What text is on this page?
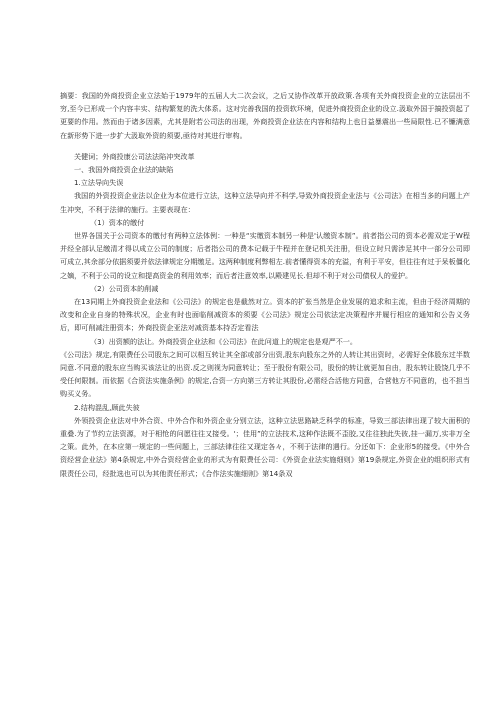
摘要：我国的外商投资企业立法始于1979年的五届人大二次会议，之后又协作改革开放政策.各项有关外商投资企业的立法层出不穷,至今已形成一个内容丰实、结构繁复的洗大体系。这对完善我国的投资软环境，促进外商投资企业的设立.汲取外国于搞投资起了更要的作用。然而由于诸多因素，尤其是附若公司法的出现，外商投资企业法在内容和结构上也日益暴震出一些局限性.已不镰满意在新形势下进一步扩大汲取外资的须要,亟待对其进行审构。

关健词；外商投康公司法法陷冲突改革

一、我国外商投资企业法的缺陷

1.立法导向失误

我国的外资投资企业法以企业为本位进行立法，这种立法导向并不科学,导致外商投资企业法与《公司法》在相当多的问题上产生冲突，不利于法律的施行。主要表现在：

（1）资本的缴付

世界各国关于公司资本的缴付有两种立法体例：一种是“实缴资本制另一种是'认缴资本制”。前者指公司的资本必需双定于W程并经全部认足缴清才得以成立公司的制度；后者指公司的费本记载于牛程并在登记机关注册，但设立时只需涉足其中一部分公司即可成立,其余部分依据须要并依法律规定分期缴足。这两种制度利弊相左.前者懂得资本的充溢，有利于平安，但往往有过于呆板僵化之嫡，不利于公司的设立和提高资金的利用效率；而后者注意效率,以殿建见长.但却不利于对公司债权人的爱护。

（2）公司资本的削减

在13同期上外商投资企业法和《公司法》的规定也是截然对立。资本的扩张当然是企业发展的追求和主流，但由于经济周期的改变和企业自身的特殊状况，企业有时也面临削减资本的须要《公司法》规定公司依法定决策程序并履行相应的通知和公告义务后，即可削减注册资本；外商投资企亚法对减资基本持否定看法

（3）出资额的法让。外商投资企业法和《公司法》在此问道上的规定也是观严不一。

《公司法》规定,有限费任公司股东之间可以相互转让其全部或部分出资,股东向股东之外的人转让其出资时，必需好全体股东过半数同意.不同意的股东应当购买该法让的出资.反之则视为同意转让；至于股份有限公司，股份的转让就更加自由，股东转让股饶几乎不受任何限制。而依据《合资法实施条例》的规定,合资一方向第三方转让其股份,必需经合活他方同意，合营他方不同意的，也不担当购买义务。

2.结构混乱,顾此失彼

外领投资企业法对中外合资、中外合作和外资企业分别立法，这种立法思路缺乏科学的标准，导致三部法律出现了较大面积的重叠.为了节约立法资源，对于相怆的问愿往往又接受。'；佳用”的立法技术,这种作法既不歪胶,又往往独此失彼,挂一漏万,实非万全之策。此外，在本应第一规定的一些问题上，三部法律往往又现定各々，不利于法律的遇行。分还如下：企业形5的接受。《中外合资经营企业法》第4条规定,中外合资经营企业的形式为有限费任公司：《外资企业法实施细则》第19条规定,外资企业的组织形式有限责任公司，经批选也可以为其他责任形式；《合作法实施细则》第14条双
